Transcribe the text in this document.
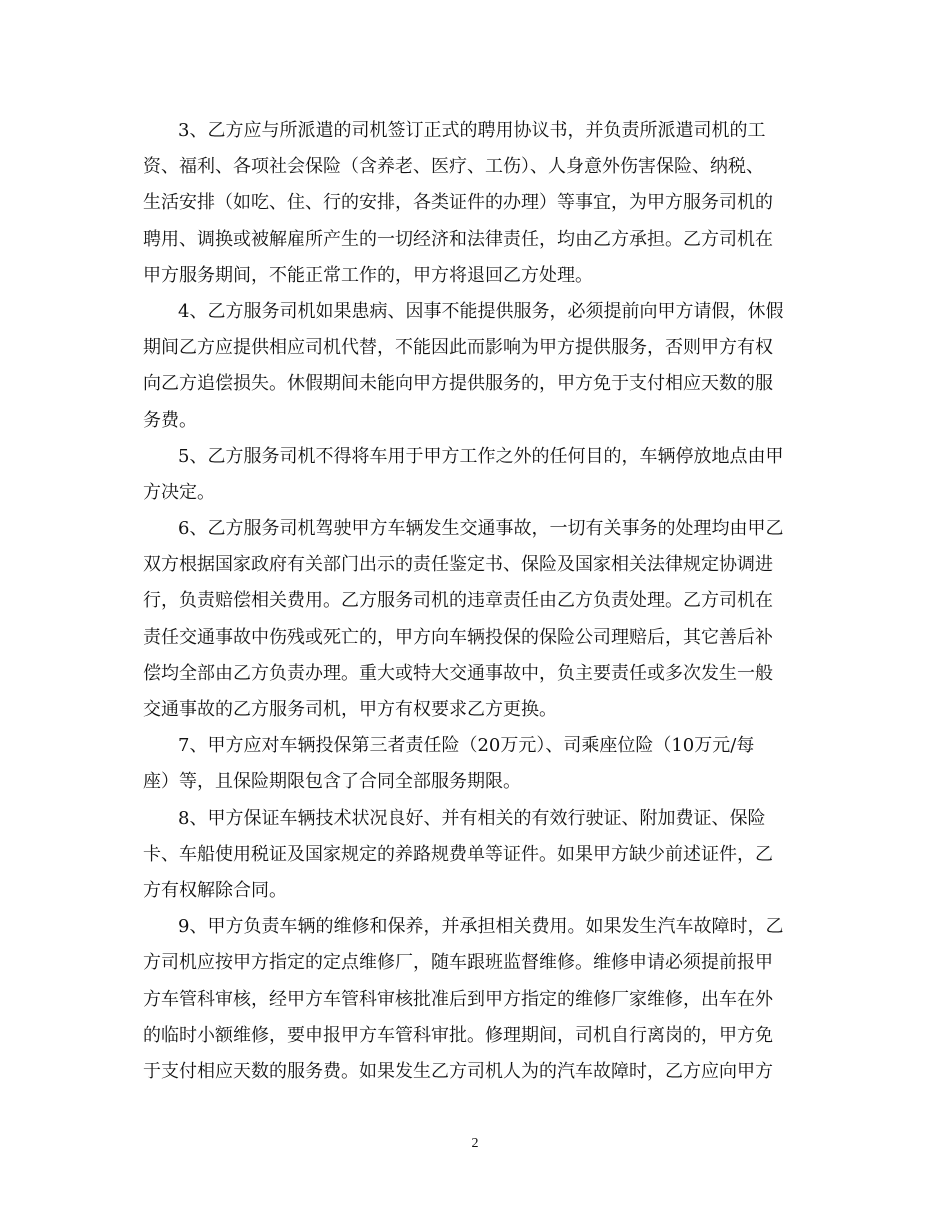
3、乙方应与所派遣的司机签订正式的聘用协议书，并负责所派遣司机的工
资、福利、各项社会保险（含养老、医疗、工伤）、人身意外伤害保险、纳税、
生活安排（如吃、住、行的安排，各类证件的办理）等事宜，为甲方服务司机的
聘用、调换或被解雇所产生的一切经济和法律责任，均由乙方承担。乙方司机在
甲方服务期间，不能正常工作的，甲方将退回乙方处理。
4、乙方服务司机如果患病、因事不能提供服务，必须提前向甲方请假，休假
期间乙方应提供相应司机代替，不能因此而影响为甲方提供服务，否则甲方有权
向乙方追偿损失。休假期间未能向甲方提供服务的，甲方免于支付相应天数的服
务费。
5、乙方服务司机不得将车用于甲方工作之外的任何目的，车辆停放地点由甲
方决定。
6、乙方服务司机驾驶甲方车辆发生交通事故，一切有关事务的处理均由甲乙
双方根据国家政府有关部门出示的责任鉴定书、保险及国家相关法律规定协调进
行，负责赔偿相关费用。乙方服务司机的违章责任由乙方负责处理。乙方司机在
责任交通事故中伤残或死亡的，甲方向车辆投保的保险公司理赔后，其它善后补
偿均全部由乙方负责办理。重大或特大交通事故中，负主要责任或多次发生一般
交通事故的乙方服务司机，甲方有权要求乙方更换。
7、甲方应对车辆投保第三者责任险（20万元）、司乘座位险（10万元/每
座）等，且保险期限包含了合同全部服务期限。
8、甲方保证车辆技术状况良好、并有相关的有效行驶证、附加费证、保险
卡、车船使用税证及国家规定的养路规费单等证件。如果甲方缺少前述证件，乙
方有权解除合同。
9、甲方负责车辆的维修和保养，并承担相关费用。如果发生汽车故障时，乙
方司机应按甲方指定的定点维修厂，随车跟班监督维修。维修申请必须提前报甲
方车管科审核，经甲方车管科审核批准后到甲方指定的维修厂家维修，出车在外
的临时小额维修，要申报甲方车管科审批。修理期间，司机自行离岗的，甲方免
于支付相应天数的服务费。如果发生乙方司机人为的汽车故障时，乙方应向甲方
2
